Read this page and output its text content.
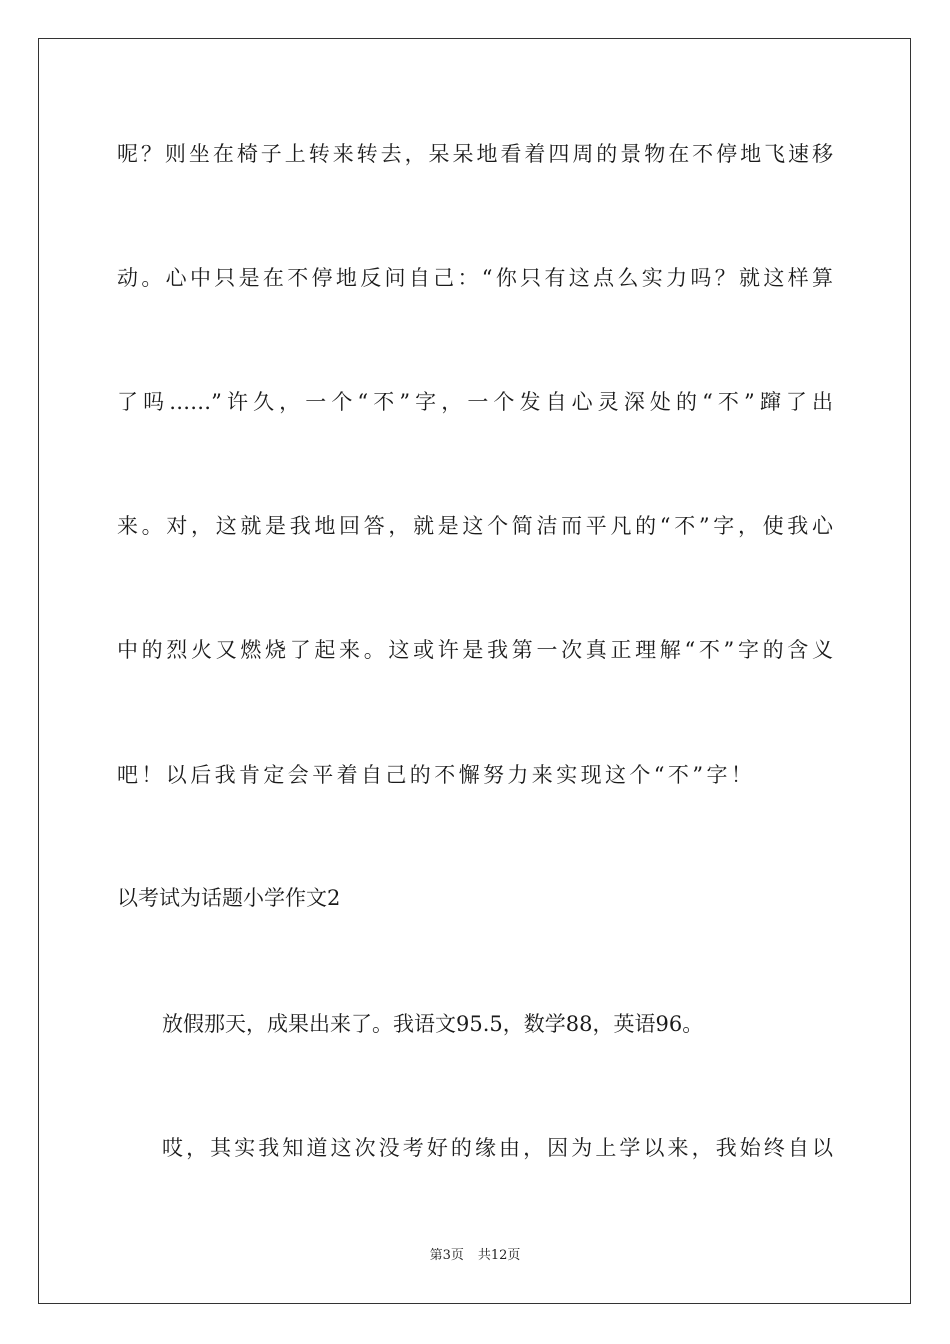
呢？则坐在椅子上转来转去，呆呆地看着四周的景物在不停地飞速移
动。心中只是在不停地反问自己：“你只有这点么实力吗？就这样算
了吗……”许久，一个“不”字，一个发自心灵深处的“不”蹿了出
来。对，这就是我地回答，就是这个简洁而平凡的“不”字，使我心
中的烈火又燃烧了起来。这或许是我第一次真正理解“不”字的含义
吧！以后我肯定会平着自己的不懈努力来实现这个“不”字！
以考试为话题小学作文2
放假那天，成果出来了。我语文95.5，数学88，英语96。
哎，其实我知道这次没考好的缘由，因为上学以来，我始终自以
第3页 共12页
